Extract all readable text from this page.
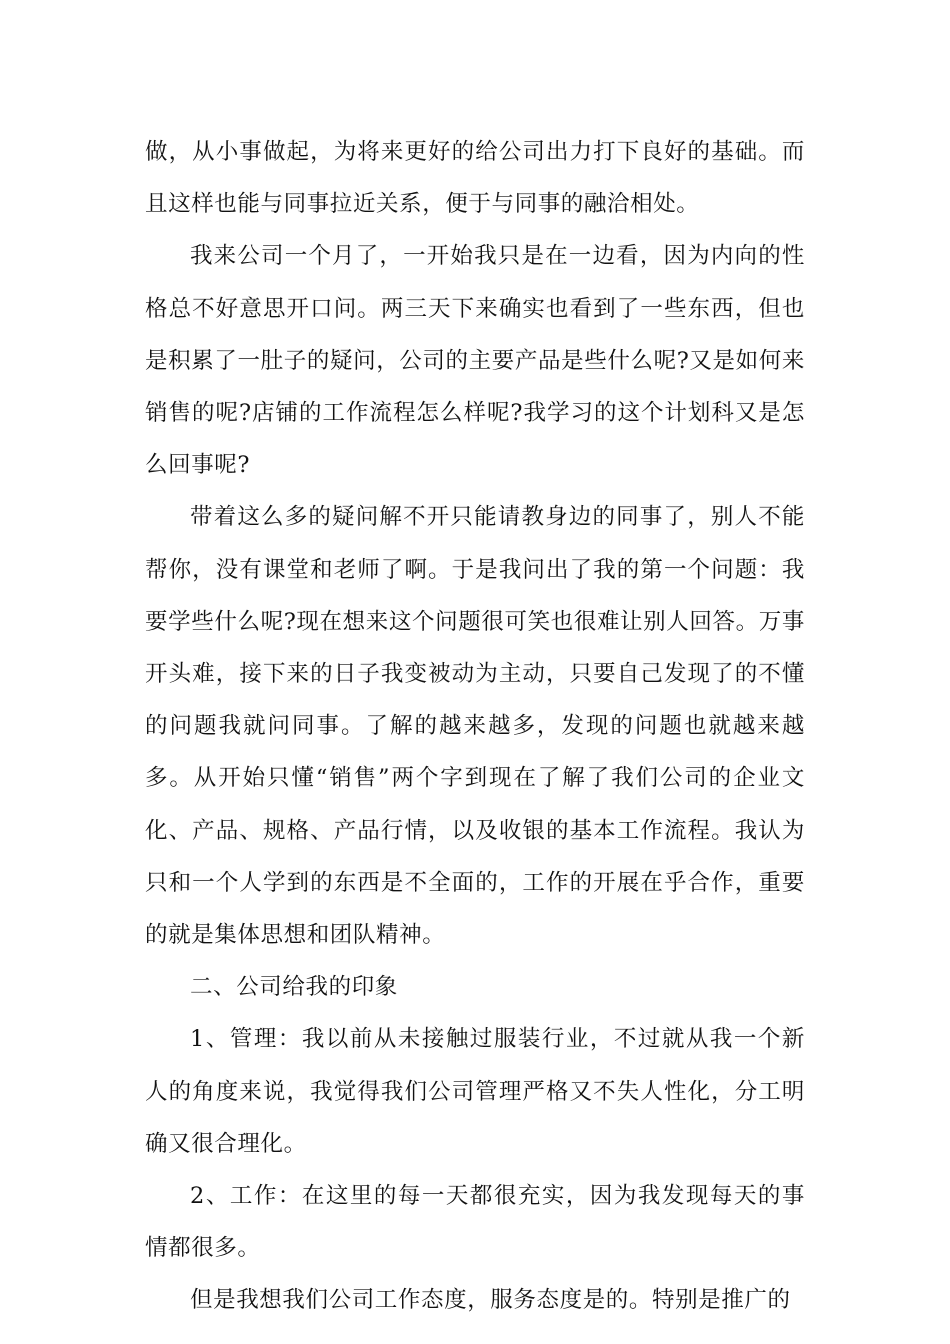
做，从小事做起，为将来更好的给公司出力打下良好的基础。而且这样也能与同事拉近关系，便于与同事的融洽相处。

我来公司一个月了，一开始我只是在一边看，因为内向的性格总不好意思开口问。两三天下来确实也看到了一些东西，但也是积累了一肚子的疑问，公司的主要产品是些什么呢?又是如何来销售的呢?店铺的工作流程怎么样呢?我学习的这个计划科又是怎么回事呢?

带着这么多的疑问解不开只能请教身边的同事了，别人不能帮你，没有课堂和老师了啊。于是我问出了我的第一个问题：我要学些什么呢?现在想来这个问题很可笑也很难让别人回答。万事开头难，接下来的日子我变被动为主动，只要自己发现了的不懂的问题我就问同事。了解的越来越多，发现的问题也就越来越多。从开始只懂“销售”两个字到现在了解了我们公司的企业文化、产品、规格、产品行情，以及收银的基本工作流程。我认为只和一个人学到的东西是不全面的，工作的开展在乎合作，重要的就是集体思想和团队精神。

二、公司给我的印象

1、管理：我以前从未接触过服装行业，不过就从我一个新人的角度来说，我觉得我们公司管理严格又不失人性化，分工明确又很合理化。

2、工作：在这里的每一天都很充实，因为我发现每天的事情都很多。

但是我想我们公司工作态度，服务态度是的。特别是推广的
